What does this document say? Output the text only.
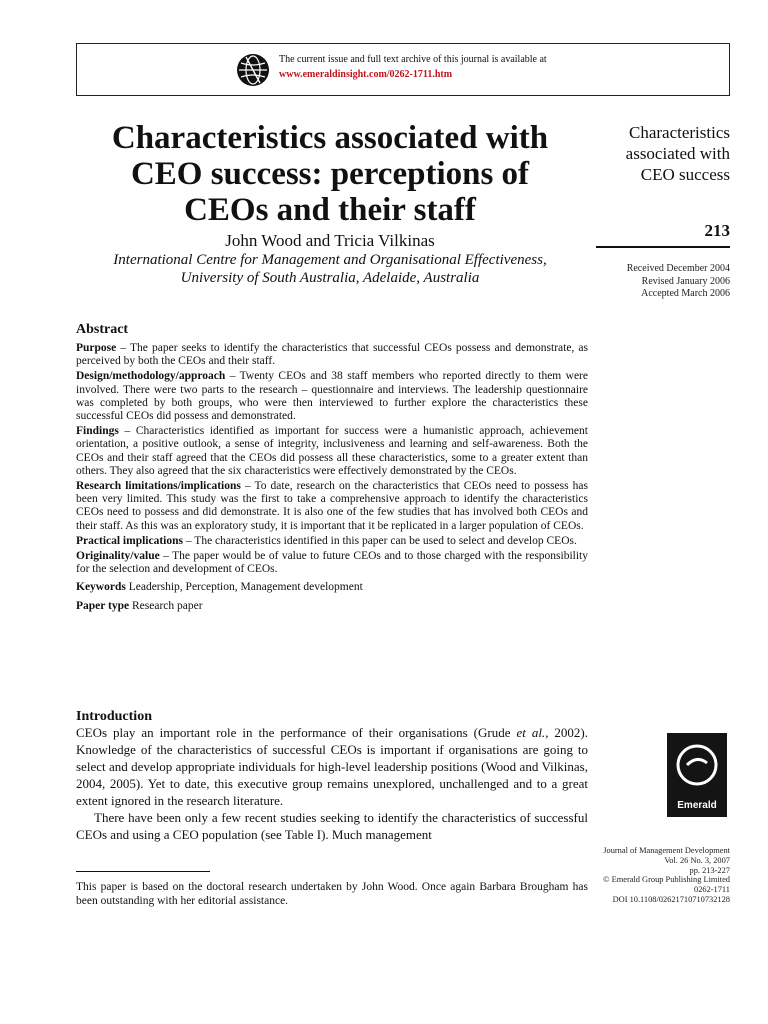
The current issue and full text archive of this journal is available at
www.emeraldinsight.com/0262-1711.htm
Characteristics associated with
CEO success: perceptions of
CEOs and their staff
John Wood and Tricia Vilkinas
International Centre for Management and Organisational Effectiveness,
University of South Australia, Adelaide, Australia
Characteristics
associated with
CEO success
213
Received December 2004
Revised January 2006
Accepted March 2006
Abstract

Purpose – The paper seeks to identify the characteristics that successful CEOs possess and demonstrate, as perceived by both the CEOs and their staff.

Design/methodology/approach – Twenty CEOs and 38 staff members who reported directly to them were involved. There were two parts to the research – questionnaire and interviews. The leadership questionnaire was completed by both groups, who were then interviewed to further explore the characteristics these successful CEOs did possess and demonstrated.

Findings – Characteristics identified as important for success were a humanistic approach, achievement orientation, a positive outlook, a sense of integrity, inclusiveness and learning and self-awareness. Both the CEOs and their staff agreed that the CEOs did possess all these characteristics, some to a greater extent than others. They also agreed that the six characteristics were effectively demonstrated by the CEOs.

Research limitations/implications – To date, research on the characteristics that CEOs need to possess has been very limited. This study was the first to take a comprehensive approach to identify the characteristics CEOs need to possess and did demonstrate. It is also one of the few studies that has involved both CEOs and their staff. As this was an exploratory study, it is important that it be replicated in a larger population of CEOs.

Practical implications – The characteristics identified in this paper can be used to select and develop CEOs.

Originality/value – The paper would be of value to future CEOs and to those charged with the responsibility for the selection and development of CEOs.

Keywords Leadership, Perception, Management development

Paper type Research paper

Introduction

CEOs play an important role in the performance of their organisations (Grude et al., 2002). Knowledge of the characteristics of successful CEOs is important if organisations are going to select and develop appropriate individuals for high-level leadership positions (Wood and Vilkinas, 2004, 2005). Yet to date, this executive group remains unexplored, unchallenged and to a great extent ignored in the research literature.

There have been only a few recent studies seeking to identify the characteristics of successful CEOs and using a CEO population (see Table I). Much management

This paper is based on the doctoral research undertaken by John Wood. Once again Barbara Brougham has been outstanding with her editorial assistance.
Emerald
Journal of Management Development
Vol. 26 No. 3, 2007
pp. 213-227
© Emerald Group Publishing Limited
0262-1711
DOI 10.1108/02621710710732128
